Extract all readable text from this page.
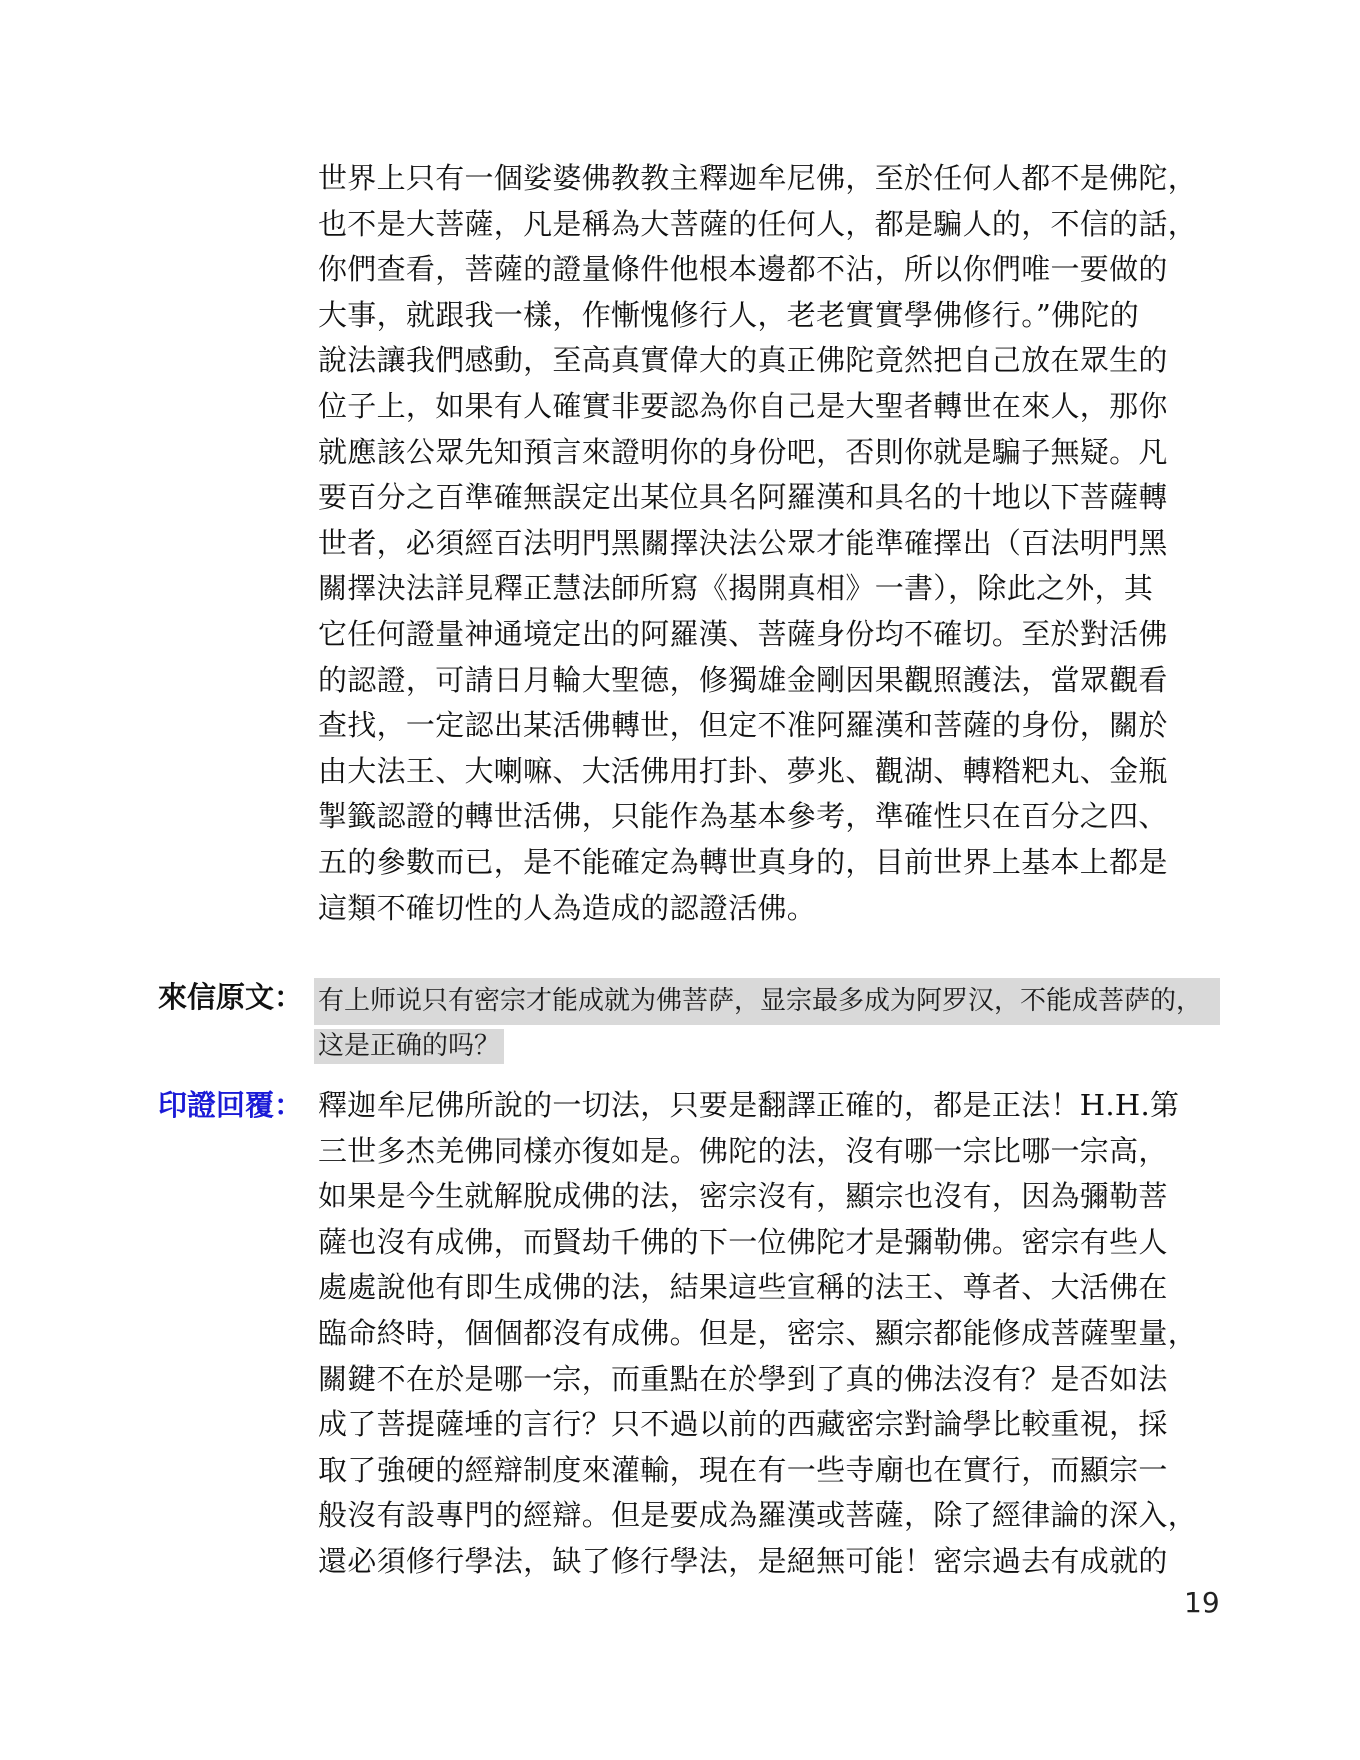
世界上只有一個娑婆佛教教主釋迦牟尼佛，至於任何人都不是佛陀，
也不是大菩薩，凡是稱為大菩薩的任何人，都是騙人的，不信的話，
你們查看，菩薩的證量條件他根本邊都不沾，所以你們唯一要做的
大事，就跟我一樣，作慚愧修行人，老老實實學佛修行。”佛陀的
說法讓我們感動，至高真實偉大的真正佛陀竟然把自己放在眾生的
位子上，如果有人確實非要認為你自己是大聖者轉世在來人，那你
就應該公眾先知預言來證明你的身份吧，否則你就是騙子無疑。凡
要百分之百準確無誤定出某位具名阿羅漢和具名的十地以下菩薩轉
世者，必須經百法明門黑關擇決法公眾才能準確擇出（百法明門黑
關擇決法詳見釋正慧法師所寫《揭開真相》一書），除此之外，其
它任何證量神通境定出的阿羅漢、菩薩身份均不確切。至於對活佛
的認證，可請日月輪大聖德，修獨雄金剛因果觀照護法，當眾觀看
查找，一定認出某活佛轉世，但定不准阿羅漢和菩薩的身份，關於
由大法王、大喇嘛、大活佛用打卦、夢兆、觀湖、轉糌粑丸、金瓶
掣籤認證的轉世活佛，只能作為基本參考，準確性只在百分之四、
五的參數而已，是不能確定為轉世真身的，目前世界上基本上都是
這類不確切性的人為造成的認證活佛。
來信原文： 有上师说只有密宗才能成就为佛菩萨，显宗最多成为阿罗汉，不能成菩萨的，
这是正确的吗？
印證回覆： 釋迦牟尼佛所說的一切法，只要是翻譯正確的，都是正法！H.H.第
三世多杰羌佛同樣亦復如是。佛陀的法，沒有哪一宗比哪一宗高，
如果是今生就解脫成佛的法，密宗沒有，顯宗也沒有，因為彌勒菩
薩也沒有成佛，而賢劫千佛的下一位佛陀才是彌勒佛。密宗有些人
處處說他有即生成佛的法，結果這些宣稱的法王、尊者、大活佛在
臨命終時，個個都沒有成佛。但是，密宗、顯宗都能修成菩薩聖量，
關鍵不在於是哪一宗，而重點在於學到了真的佛法沒有？是否如法
成了菩提薩埵的言行？只不過以前的西藏密宗對論學比較重視，採
取了強硬的經辯制度來灌輸，現在有一些寺廟也在實行，而顯宗一
般沒有設專門的經辯。但是要成為羅漢或菩薩，除了經律論的深入，
還必須修行學法，缺了修行學法，是絕無可能！密宗過去有成就的
19
